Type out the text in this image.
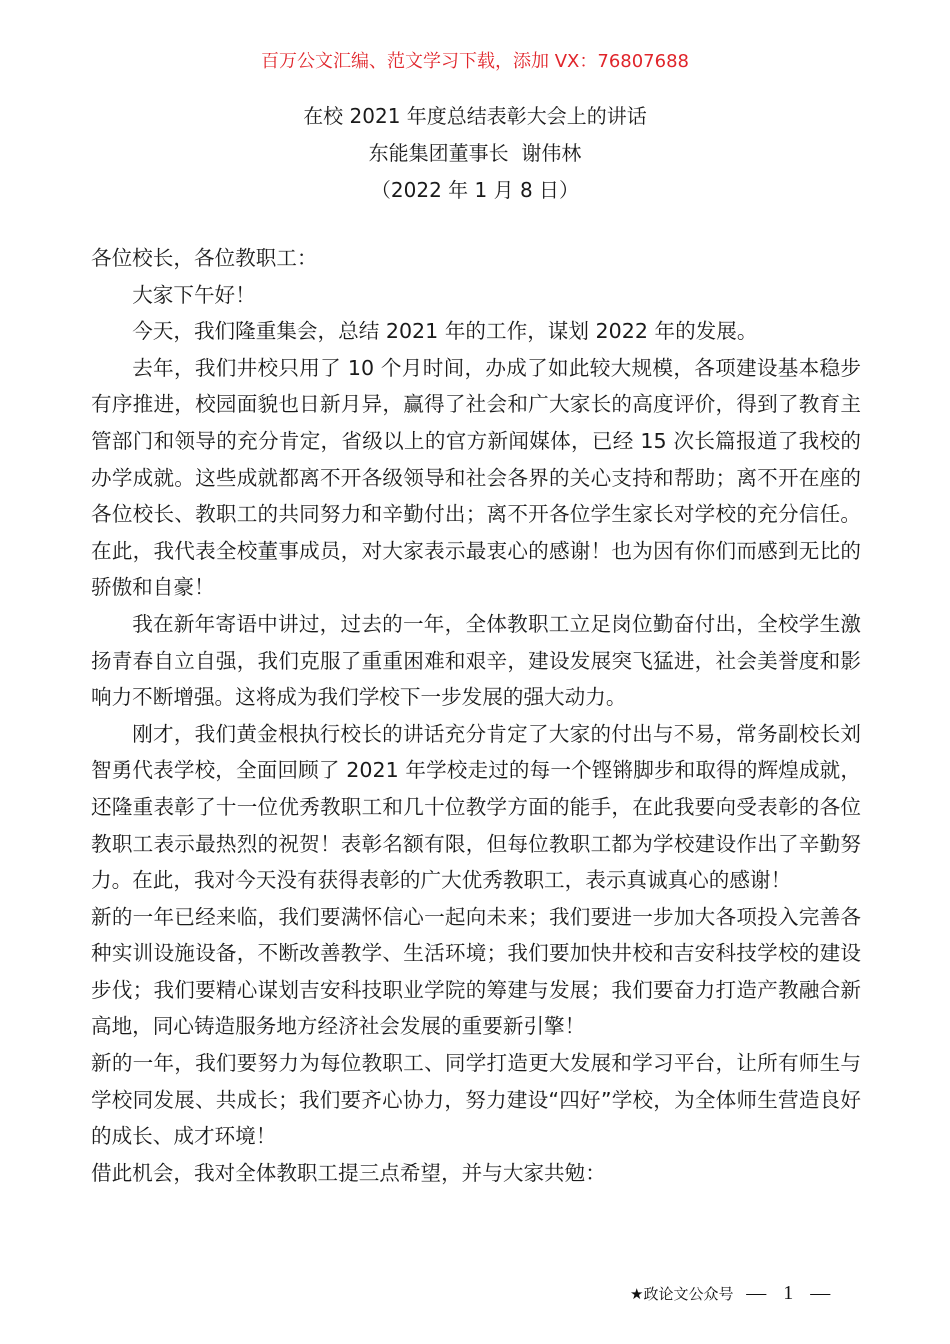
百万公文汇编、范文学习下载，添加 VX：76807688
在校 2021 年度总结表彰大会上的讲话
东能集团董事长  谢伟林
（2022 年 1 月 8 日）

各位校长，各位教职工：

大家下午好！

今天，我们隆重集会，总结 2021 年的工作，谋划 2022 年的发展。

去年，我们井校只用了 10 个月时间，办成了如此较大规模，各项建设基本稳步有序推进，校园面貌也日新月异，赢得了社会和广大家长的高度评价，得到了教育主管部门和领导的充分肯定，省级以上的官方新闻媒体，已经 15 次长篇报道了我校的办学成就。这些成就都离不开各级领导和社会各界的关心支持和帮助；离不开在座的各位校长、教职工的共同努力和辛勤付出；离不开各位学生家长对学校的充分信任。在此，我代表全校董事成员，对大家表示最衷心的感谢！也为因有你们而感到无比的骄傲和自豪！

我在新年寄语中讲过，过去的一年，全体教职工立足岗位勤奋付出，全校学生激扬青春自立自强，我们克服了重重困难和艰辛，建设发展突飞猛进，社会美誉度和影响力不断增强。这将成为我们学校下一步发展的强大动力。

刚才，我们黄金根执行校长的讲话充分肯定了大家的付出与不易，常务副校长刘智勇代表学校，全面回顾了 2021 年学校走过的每一个铿锵脚步和取得的辉煌成就，还隆重表彰了十一位优秀教职工和几十位教学方面的能手，在此我要向受表彰的各位教职工表示最热烈的祝贺！表彰名额有限，但每位教职工都为学校建设作出了辛勤努力。在此，我对今天没有获得表彰的广大优秀教职工，表示真诚真心的感谢！

新的一年已经来临，我们要满怀信心一起向未来；我们要进一步加大各项投入完善各种实训设施设备，不断改善教学、生活环境；我们要加快井校和吉安科技学校的建设步伐；我们要精心谋划吉安科技职业学院的筹建与发展；我们要奋力打造产教融合新高地，同心铸造服务地方经济社会发展的重要新引擎！

新的一年，我们要努力为每位教职工、同学打造更大发展和学习平台，让所有师生与学校同发展、共成长；我们要齐心协力，努力建设“四好”学校，为全体师生营造良好的成长、成才环境！

借此机会，我对全体教职工提三点希望，并与大家共勉：

★政论文公众号 — 1 —
